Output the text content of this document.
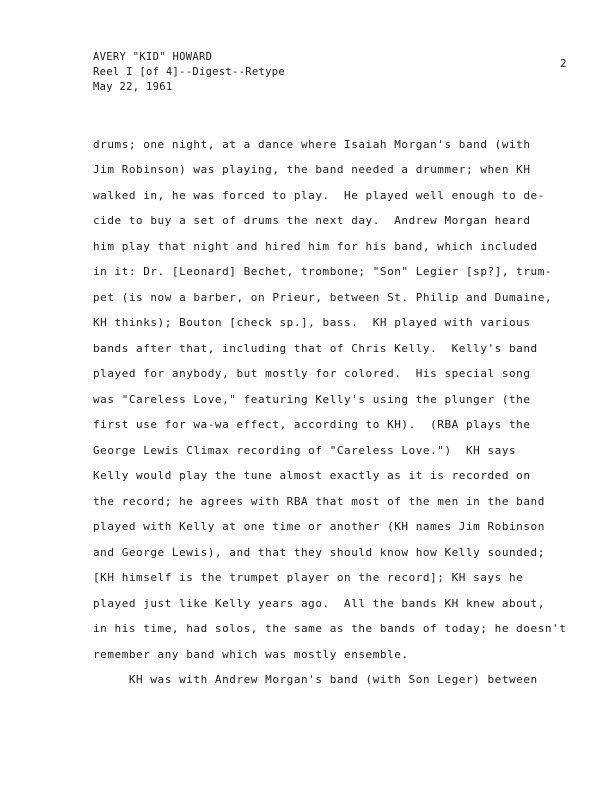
AVERY "KID" HOWARD
Reel I [of 4]--Digest--Retype
May 22, 1961
2
drums; one night, at a dance where Isaiah Morgan's band (with
Jim Robinson) was playing, the band needed a drummer; when KH
walked in, he was forced to play.  He played well enough to de-
cide to buy a set of drums the next day.  Andrew Morgan heard
him play that night and hired him for his band, which included
in it: Dr. [Leonard] Bechet, trombone; "Son" Legier [sp?], trum-
pet (is now a barber, on Prieur, between St. Philip and Dumaine,
KH thinks); Bouton [check sp.], bass.  KH played with various
bands after that, including that of Chris Kelly.  Kelly's band
played for anybody, but mostly for colored.  His special song
was "Careless Love," featuring Kelly's using the plunger (the
first use for wa-wa effect, according to KH).  (RBA plays the
George Lewis Climax recording of "Careless Love.")  KH says
Kelly would play the tune almost exactly as it is recorded on
the record; he agrees with RBA that most of the men in the band
played with Kelly at one time or another (KH names Jim Robinson
and George Lewis), and that they should know how Kelly sounded;
[KH himself is the trumpet player on the record]; KH says he
played just like Kelly years ago.  All the bands KH knew about,
in his time, had solos, the same as the bands of today; he doesn't
remember any band which was mostly ensemble.
KH was with Andrew Morgan's band (with Son Leger) between
